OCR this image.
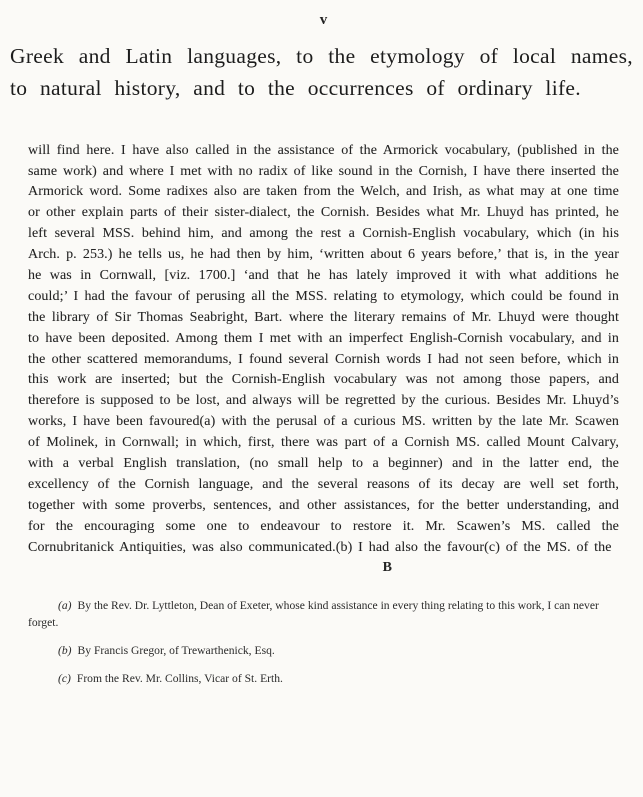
v

Greek and Latin languages, to the etymology of local names, to natural history, and to the occurrences of ordinary life.

will find here. I have also called in the assistance of the Armorick vocabulary, (published in the same work) and where I met with no radix of like sound in the Cornish, I have there inserted the Armorick word. Some radixes also are taken from the Welch, and Irish, as what may at one time or other explain parts of their sister-dialect, the Cornish. Besides what Mr. Lhuyd has printed, he left several MSS. behind him, and among the rest a Cornish-English vocabulary, which (in his Arch. p. 253.) he tells us, he had then by him, ‘written about 6 years before,’ that is, in the year he was in Cornwall, [viz. 1700.] ‘and that he has lately improved it with what additions he could;’ I had the favour of perusing all the MSS. relating to etymology, which could be found in the library of Sir Thomas Seabright, Bart. where the literary remains of Mr. Lhuyd were thought to have been deposited. Among them I met with an imperfect English-Cornish vocabulary, and in the other scattered memorandums, I found several Cornish words I had not seen before, which in this work are inserted; but the Cornish-English vocabulary was not among those papers, and therefore is supposed to be lost, and always will be regretted by the curious. Besides Mr. Lhuyd’s works, I have been favoured(a) with the perusal of a curious MS. written by the late Mr. Scawen of Molinek, in Cornwall; in which, first, there was part of a Cornish MS. called Mount Calvary, with a verbal English translation, (no small help to a beginner) and in the latter end, the excellency of the Cornish language, and the several reasons of its decay are well set forth, together with some proverbs, sentences, and other assistances, for the better understanding, and for the encouraging some one to endeavour to restore it. Mr. Scawen’s MS. called the Cornubritanick Antiquities, was also communicated.(b) I had also the favour(c) of the MS. of the

B

(a) By the Rev. Dr. Lyttleton, Dean of Exeter, whose kind assistance in every thing relating to this work, I can never forget.

(b) By Francis Gregor, of Trewarthenick, Esq.

(c) From the Rev. Mr. Collins, Vicar of St. Erth.
